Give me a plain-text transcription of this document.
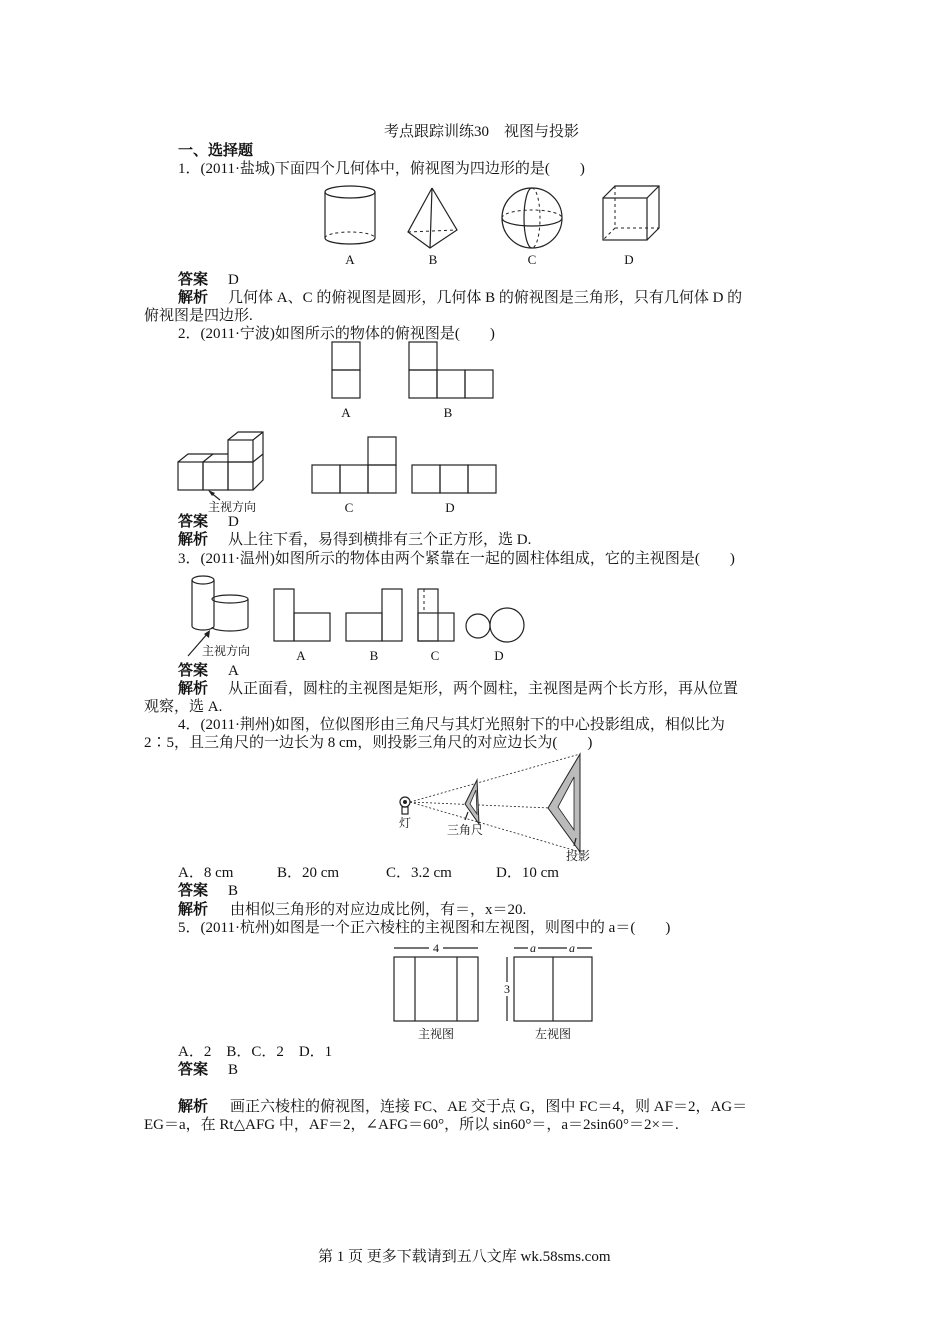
考点跟踪训练30　视图与投影
一、选择题
1．(2011·盐城)下面四个几何体中，俯视图为四边形的是(　　)
A	B	C	D
答案 D
解析 几何体 A、C 的俯视图是圆形，几何体 B 的俯视图是三角形，只有几何体 D 的
俯视图是四边形.
2．(2011·宁波)如图所示的物体的俯视图是(　　)
A	B
主视方向	C	D
答案 D
解析 从上往下看，易得到横排有三个正方形，选 D.
3．(2011·温州)如图所示的物体由两个紧靠在一起的圆柱体组成，它的主视图是(　　)
主视方向	A	B	C	D
答案 A
解析 从正面看，圆柱的主视图是矩形，两个圆柱，主视图是两个长方形，再从位置
观察，选 A.
4．(2011·荆州)如图，位似图形由三角尺与其灯光照射下的中心投影组成，相似比为
2∶5，且三角尺的一边长为 8 cm，则投影三角尺的对应边长为(　　)
灯	三角尺
投影
A．8 cm	B．20 cm	C．3.2 cm	D．10 cm
答案 B
解析 由相似三角形的对应边成比例，有＝，x＝20.
5．(2011·杭州)如图是一个正六棱柱的主视图和左视图，则图中的 a＝(　　)
4
3
a	a
主视图	左视图
A．2　B．C．2　D．1
答案 B
解析 画正六棱柱的俯视图，连接 FC、AE 交于点 G，图中 FC＝4，则 AF＝2，AG＝
EG＝a，在 Rt△AFG 中，AF＝2，∠AFG＝60°，所以 sin60°＝，a＝2sin60°＝2×＝.
第 1 页 更多下载请到五八文库 wk.58sms.com
